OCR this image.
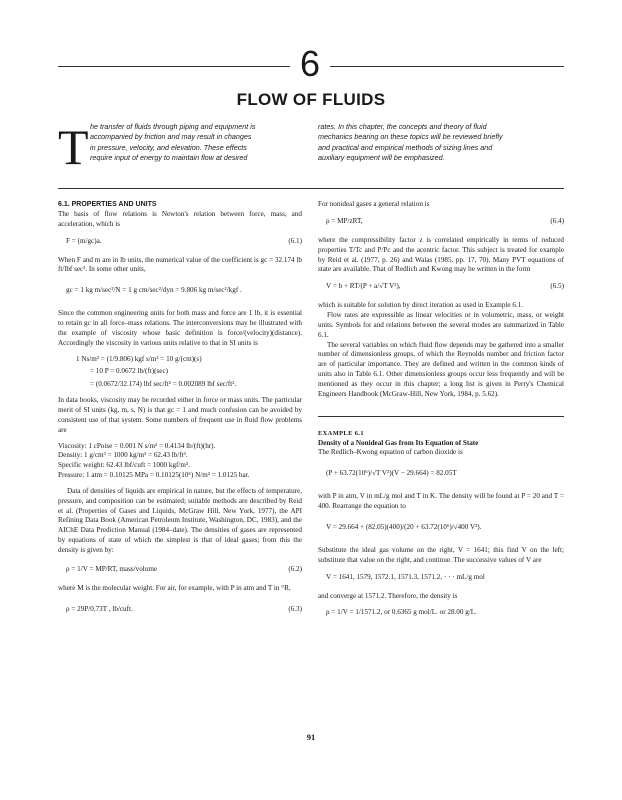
6
FLOW OF FLUIDS
T he transfer of fluids through piping and equipment is
accompanied by friction and may result in changes
in pressure, velocity, and elevation. These effects
require input of energy to maintain flow at desired
rates. In this chapter, the concepts and theory of fluid
mechanics bearing on these topics will be reviewed briefly
and practical and empirical methods of sizing lines and
auxiliary equipment will be emphasized.

6.1. PROPERTIES AND UNITS

The basis of flow relations is Newton's relation between force, mass, and acceleration, which is

F = (m/gc)a.	(6.1)

When F and m are in lb units, the numerical value of the coefficient is gc = 32.174 lb ft/lbf sec². In some other units,

gc = 1 kg m/sec²/N = 1 g cm/sec²/dyn = 9.806 kg m/sec²/kgf .

Since the common engineering units for both mass and force are 1 lb, it is essential to retain gc in all force–mass relations. The interconversions may be illustrated with the example of viscosity whose basic definition is force/(velocity)(distance). Accordingly the viscosity in various units relative to that in SI units is

1 Ns/m² = (1/9.806) kgf s/m² = 10 g/(cm)(s)
= 10 P = 0.0672 lb/(ft)(sec)
= (0.0672/32.174) lbf sec/ft² = 0.002089 lbf sec/ft².

In data books, viscosity may be recorded either in force or mass units. The particular merit of SI units (kg, m, s, N) is that gc = 1 and much confusion can be avoided by consistent use of that system. Some numbers of frequent use in fluid flow problems are

Viscosity: 1 cPoise = 0.001 N s/m² = 0.4134 lb/(ft)(hr).
Density: 1 g/cm³ = 1000 kg/m³ = 62.43 lb/ft³.
Specific weight: 62.43 lbf/cuft = 1000 kgf/m³.
Pressure: 1 atm = 0.10125 MPa = 0.10125(10⁶) N/m² = 1.0125 bar.

Data of densities of liquids are empirical in nature, but the effects of temperature, pressure, and composition can be estimated; suitable methods are described by Reid et al. (Properties of Gases and Liquids, McGraw Hill, New York, 1977), the API Refining Data Book (American Petroleum Institute, Washington, DC, 1983), and the AIChE Data Prediction Manual (1984–date). The densities of gases are represented by equations of state of which the simplest is that of ideal gases; from this the density is given by:

ρ = 1/V = MP/RT, mass/volume	(6.2)

where M is the molecular weight. For air, for example, with P in atm and T in °R,

ρ = 29P/0.73T , lb/cuft.	(6.3)

For nonideal gases a general relation is

ρ = MP/zRT,	(6.4)

where the compressibility factor z is correlated empirically in terms of reduced properties T/Tc and P/Pc and the acentric factor. This subject is treated for example by Reid et al. (1977, p. 26) and Walas (1985, pp. 17, 70). Many PVT equations of state are available. That of Redlich and Kwong may be written in the form

V = b + RT/(P + a/√T V²),	(6.5)

which is suitable for solution by direct iteration as used in Example 6.1.

Flow rates are expressible as linear velocities or in volumetric, mass, or weight units. Symbols for and relations between the several modes are summarized in Table 6.1.

The several variables on which fluid flow depends may be gathered into a smaller number of dimensionless groups, of which the Reynolds number and friction factor are of particular importance. They are defined and written in the common kinds of units also in Table 6.1. Other dimensionless groups occur less frequently and will be mentioned as they occur in this chapter; a long list is given in Perry's Chemical Engineers Handbook (McGraw-Hill, New York, 1984, p. 5.62).

EXAMPLE 6.1

Density of a Nonideal Gas from Its Equation of State

The Redlich–Kwong equation of carbon dioxide is

(P + 63.72(10⁶)/√T V²)(V − 29.664) = 82.05T

with P in atm, V in mL/g mol and T in K. The density will be found at P = 20 and T = 400. Rearrange the equation to

V = 29.664 + (82.05)(400)/(20 + 63.72(10⁶)/√400 V²).

Substitute the ideal gas volume on the right, V = 1641; this find V on the left; substitute that value on the right, and continue. The successive values of V are

V = 1641, 1579, 1572.1, 1571.3, 1571.2, · · · mL/g mol

and converge at 1571.2. Therefore, the density is

ρ = 1/V = 1/1571.2, or 0.6365 g mol/L. or 28.00 g/L.
91
